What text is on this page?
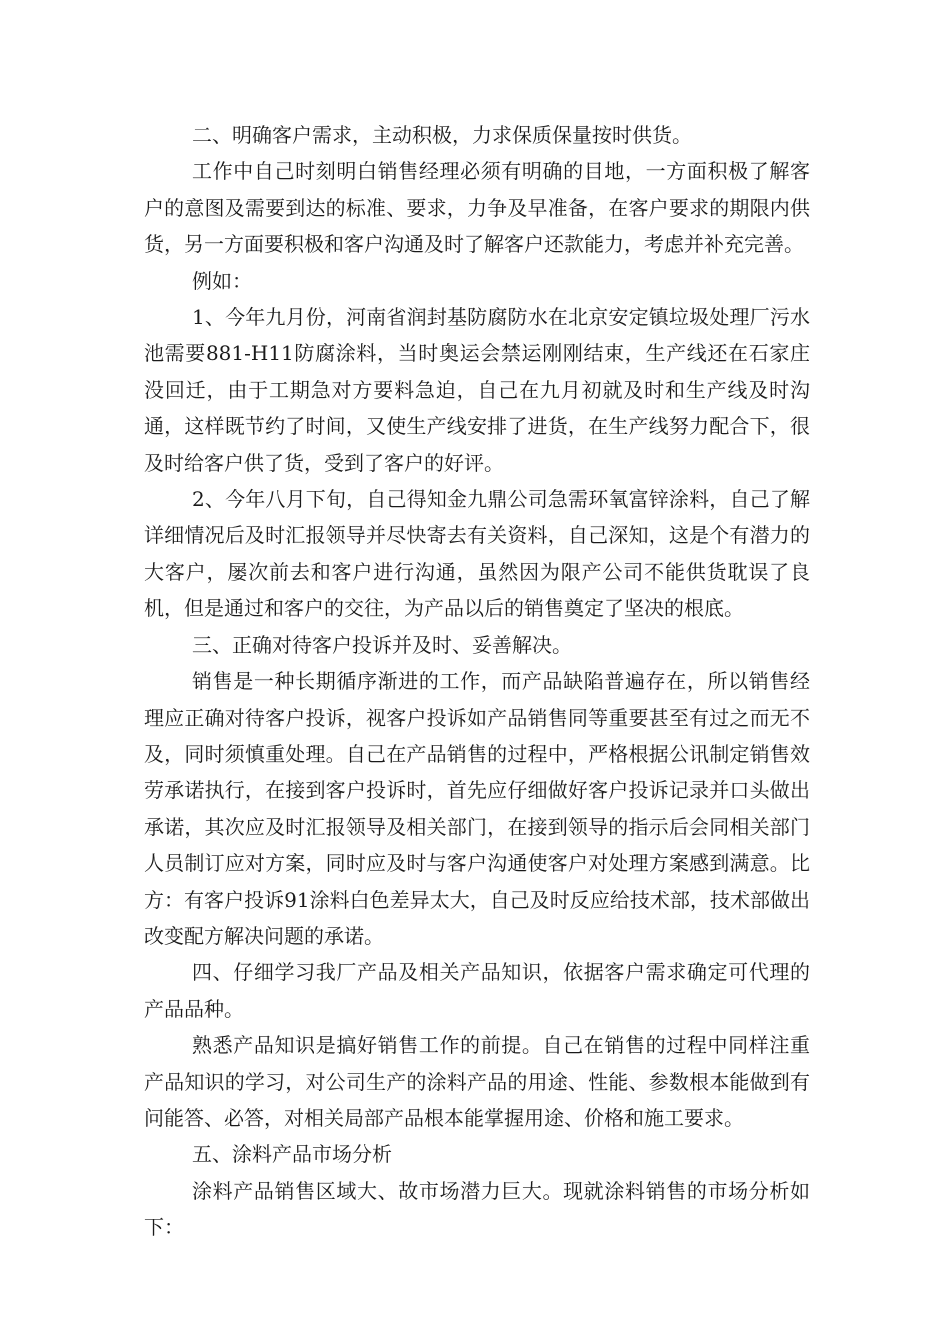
二、明确客户需求，主动积极，力求保质保量按时供货。

工作中自己时刻明白销售经理必须有明确的目地，一方面积极了解客户的意图及需要到达的标准、要求，力争及早准备，在客户要求的期限内供货，另一方面要积极和客户沟通及时了解客户还款能力，考虑并补充完善。

例如：

1、今年九月份，河南省润封基防腐防水在北京安定镇垃圾处理厂污水池需要881-H11防腐涂料，当时奥运会禁运刚刚结束，生产线还在石家庄没回迁，由于工期急对方要料急迫，自己在九月初就及时和生产线及时沟通，这样既节约了时间，又使生产线安排了进货，在生产线努力配合下，很及时给客户供了货，受到了客户的好评。

2、今年八月下旬，自己得知金九鼎公司急需环氧富锌涂料，自己了解详细情况后及时汇报领导并尽快寄去有关资料，自己深知，这是个有潜力的大客户，屡次前去和客户进行沟通，虽然因为限产公司不能供货耽误了良机，但是通过和客户的交往，为产品以后的销售奠定了坚决的根底。

三、正确对待客户投诉并及时、妥善解决。

销售是一种长期循序渐进的工作，而产品缺陷普遍存在，所以销售经理应正确对待客户投诉，视客户投诉如产品销售同等重要甚至有过之而无不及，同时须慎重处理。自己在产品销售的过程中，严格根据公讯制定销售效劳承诺执行，在接到客户投诉时，首先应仔细做好客户投诉记录并口头做出承诺，其次应及时汇报领导及相关部门，在接到领导的指示后会同相关部门人员制订应对方案，同时应及时与客户沟通使客户对处理方案感到满意。比方：有客户投诉91涂料白色差异太大，自己及时反应给技术部，技术部做出改变配方解决问题的承诺。

四、仔细学习我厂产品及相关产品知识，依据客户需求确定可代理的产品品种。

熟悉产品知识是搞好销售工作的前提。自己在销售的过程中同样注重产品知识的学习，对公司生产的涂料产品的用途、性能、参数根本能做到有问能答、必答，对相关局部产品根本能掌握用途、价格和施工要求。

五、涂料产品市场分析

涂料产品销售区域大、故市场潜力巨大。现就涂料销售的市场分析如下：
